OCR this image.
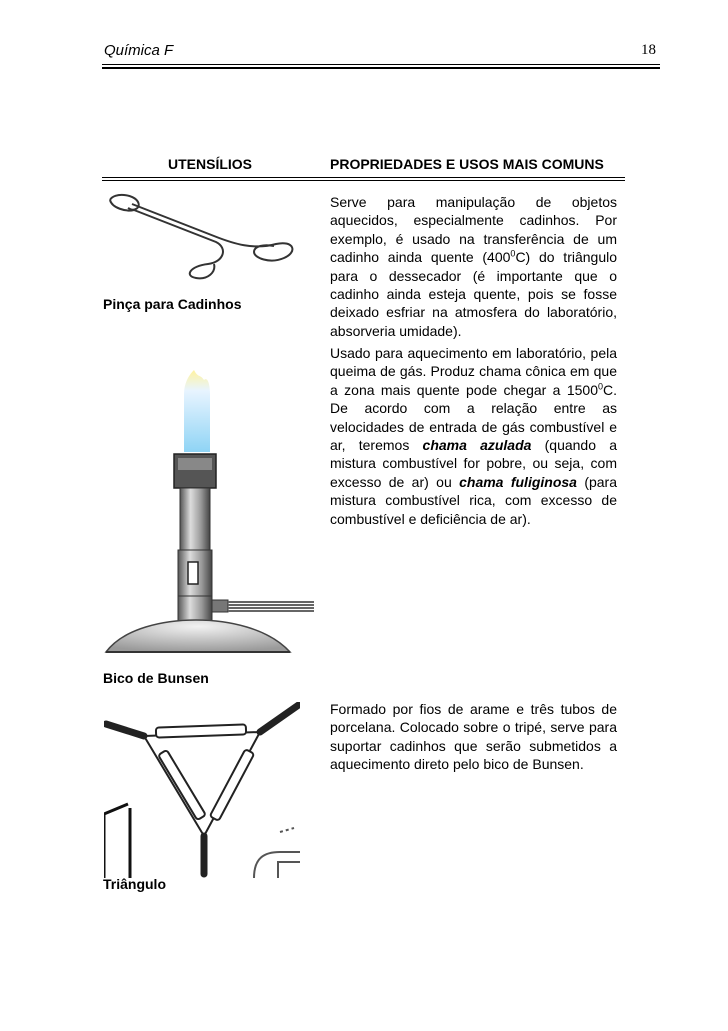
Química F	18
UTENSÍLIOS	PROPRIEDADES E USOS MAIS COMUNS
Pinça para Cadinhos
Serve para manipulação de objetos aquecidos, especialmente cadinhos. Por exemplo, é usado na transferência de um cadinho ainda quente $(400^0C)$ do triângulo para o dessecador (é importante que o cadinho ainda esteja quente, pois se fosse deixado esfriar na atmosfera do laboratório, absorveria umidade).
Bico de Bunsen
Usado para aquecimento em laboratório, pela queima de gás. Produz chama cônica em que a zona mais quente pode chegar a 1500$^0$C. De acordo com a relação entre as velocidades de entrada de gás combustível e ar, teremos chama azulada (quando a mistura combustível for pobre, ou seja, com excesso de ar) ou chama fuliginosa (para mistura combustível rica, com excesso de combustível e deficiência de ar).
Triângulo
Formado por fios de arame e três tubos de porcelana. Colocado sobre o tripé, serve para suportar cadinhos que serão submetidos a aquecimento direto pelo bico de Bunsen.
